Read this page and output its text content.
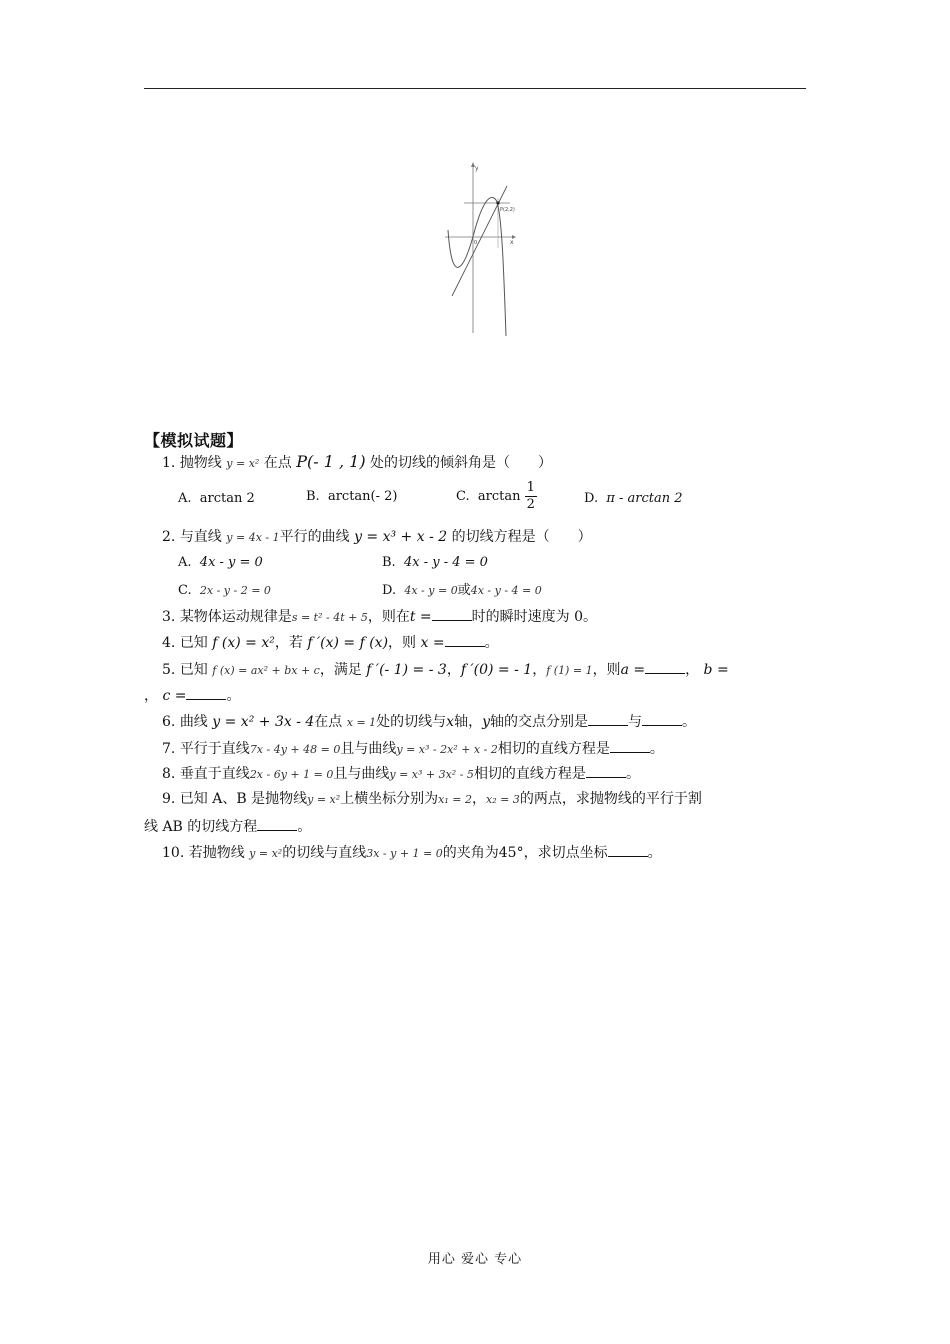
y
x
0
P(2,2)
【模拟试题】
1. 抛物线 y = x² 在点 P(- 1 , 1) 处的切线的倾斜角是（　　）
A. arctan 2	B. arctan(- 2)	C. $\arctan \frac{1}{2}$	D. π - arctan 2
2. 与直线 y = 4x - 1平行的曲线 y = x³ + x - 2 的切线方程是（　　）
A. 4x - y = 0	B. 4x - y - 4 = 0
C. 2x - y - 2 = 0	D. 4x - y = 0或4x - y - 4 = 0
3. 某物体运动规律是s = t² - 4t + 5，则在t =	时的瞬时速度为 0。
4. 已知 f (x) = x²，若 f ′(x) = f (x)，则 x =	。
5. 已知 f (x) = ax² + bx + c，满足 f ′(- 1) = - 3，f ′(0) = - 1，f (1) = 1，则a =	， b =
， c =	。
6. 曲线 y = x² + 3x - 4在点 x = 1处的切线与x轴，y轴的交点分别是	与	。
7. 平行于直线7x - 4y + 48 = 0且与曲线y = x³ - 2x² + x - 2相切的直线方程是	。
8. 垂直于直线2x - 6y + 1 = 0且与曲线y = x³ + 3x² - 5相切的直线方程是	。
9. 已知 A、B 是抛物线y = x²上横坐标分别为x₁ = 2，x₂ = 3的两点，求抛物线的平行于割
线 AB 的切线方程	。
10. 若抛物线 y = x²的切线与直线3x - y + 1 = 0的夹角为45°，求切点坐标	。
用心 爱心 专心
